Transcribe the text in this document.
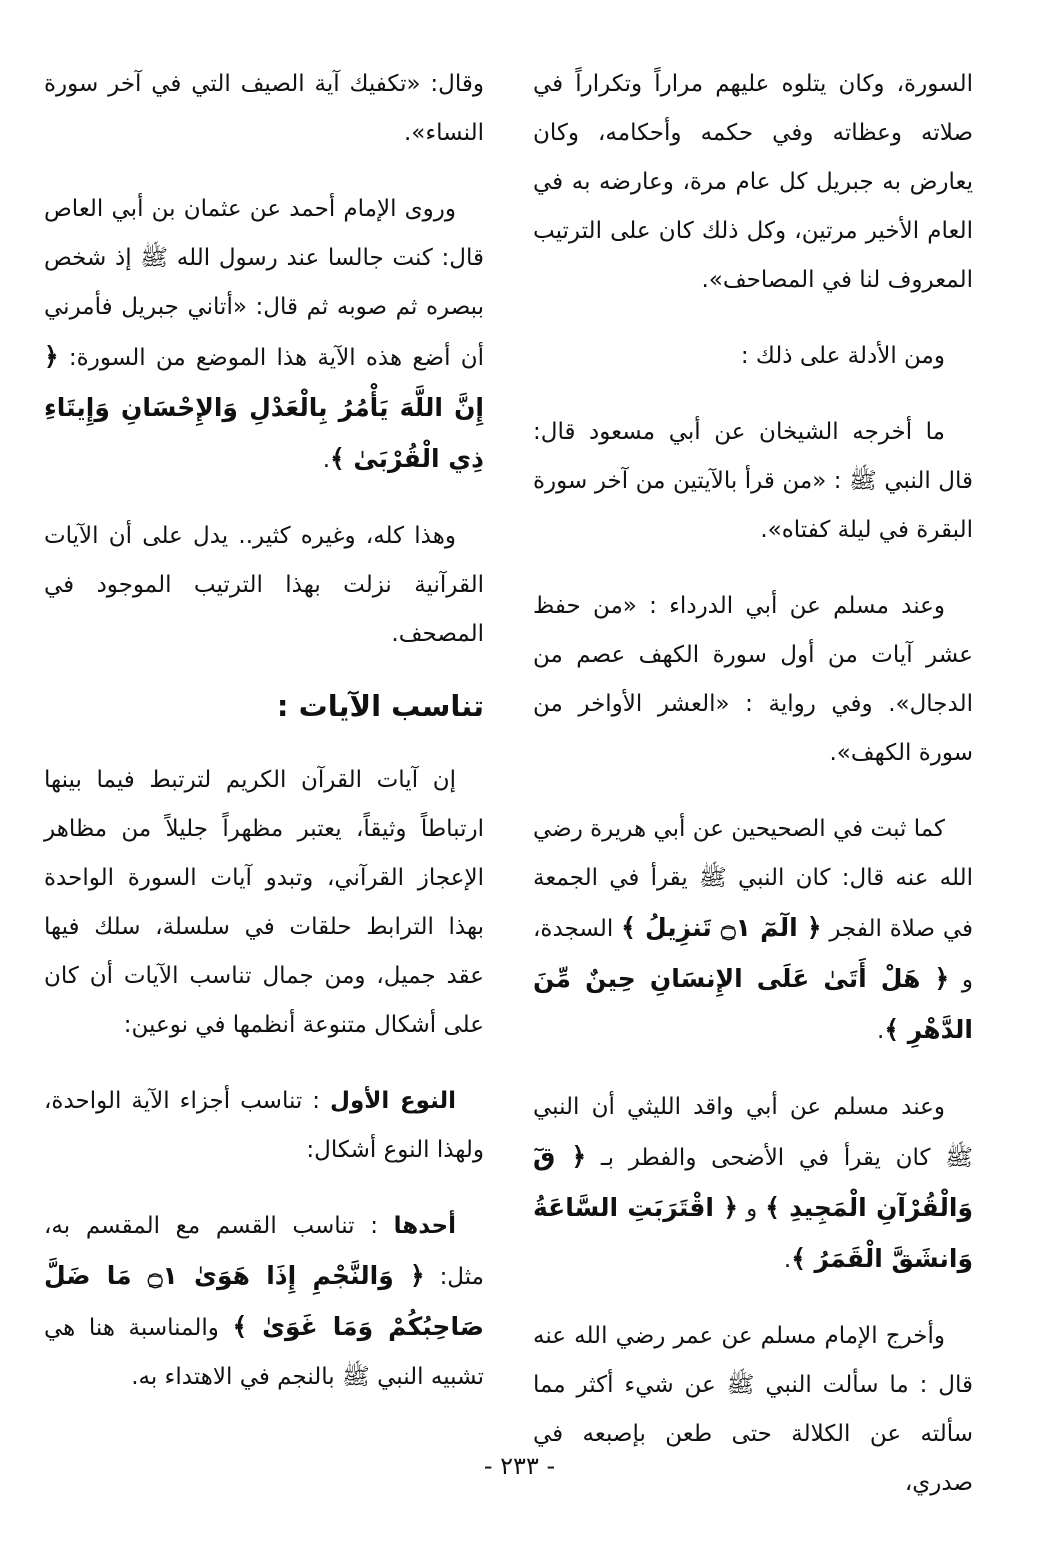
السورة، وكان يتلوه عليهم مراراً وتكراراً في صلاته وعظاته وفي حكمه وأحكامه، وكان يعارض به جبريل كل عام مرة، وعارضه به في العام الأخير مرتين، وكل ذلك كان على الترتيب المعروف لنا في المصاحف».

ومن الأدلة على ذلك :

ما أخرجه الشيخان عن أبي مسعود قال: قال النبي ﷺ : «من قرأ بالآيتين من آخر سورة البقرة في ليلة كفتاه».

وعند مسلم عن أبي الدرداء : «من حفظ عشر آيات من أول سورة الكهف عصم من الدجال». وفي رواية : «العشر الأواخر من سورة الكهف».

كما ثبت في الصحيحين عن أبي هريرة رضي الله عنه قال: كان النبي ﷺ يقرأ في الجمعة في صلاة الفجر ﴿ الٓمٓ ۝١ تَنزِيلُ ﴾ السجدة، و ﴿ هَلْ أَتَىٰ عَلَى الإِنسَانِ حِينٌ مِّنَ الدَّهْرِ ﴾.

وعند مسلم عن أبي واقد الليثي أن النبي ﷺ كان يقرأ في الأضحى والفطر بـ ﴿ قٓ وَالْقُرْآنِ الْمَجِيدِ ﴾ و ﴿ اقْتَرَبَتِ السَّاعَةُ وَانشَقَّ الْقَمَرُ ﴾.

وأخرج الإمام مسلم عن عمر رضي الله عنه قال : ما سألت النبي ﷺ عن شيء أكثر مما سألته عن الكلالة حتى طعن بإصبعه في صدري،

وقال: «تكفيك آية الصيف التي في آخر سورة النساء».

وروى الإمام أحمد عن عثمان بن أبي العاص قال: كنت جالسا عند رسول الله ﷺ إذ شخص ببصره ثم صوبه ثم قال: «أتاني جبريل فأمرني أن أضع هذه الآية هذا الموضع من السورة: ﴿ إِنَّ اللَّهَ يَأْمُرُ بِالْعَدْلِ وَالإِحْسَانِ وَإِيتَاءِ ذِي الْقُرْبَىٰ ﴾.

وهذا كله، وغيره كثير.. يدل على أن الآيات القرآنية نزلت بهذا الترتيب الموجود في المصحف.

تناسب الآيات :

إن آيات القرآن الكريم لترتبط فيما بينها ارتباطاً وثيقاً، يعتبر مظهراً جليلاً من مظاهر الإعجاز القرآني، وتبدو آيات السورة الواحدة بهذا الترابط حلقات في سلسلة، سلك فيها عقد جميل، ومن جمال تناسب الآيات أن كان على أشكال متنوعة أنظمها في نوعين:

النوع الأول : تناسب أجزاء الآية الواحدة، ولهذا النوع أشكال:

أحدها : تناسب القسم مع المقسم به، مثل: ﴿ وَالنَّجْمِ إِذَا هَوَىٰ ۝١ مَا ضَلَّ صَاحِبُكُمْ وَمَا غَوَىٰ ﴾ والمناسبة هنا هي تشبيه النبي ﷺ بالنجم في الاهتداء به.

- ٢٣٣ -
